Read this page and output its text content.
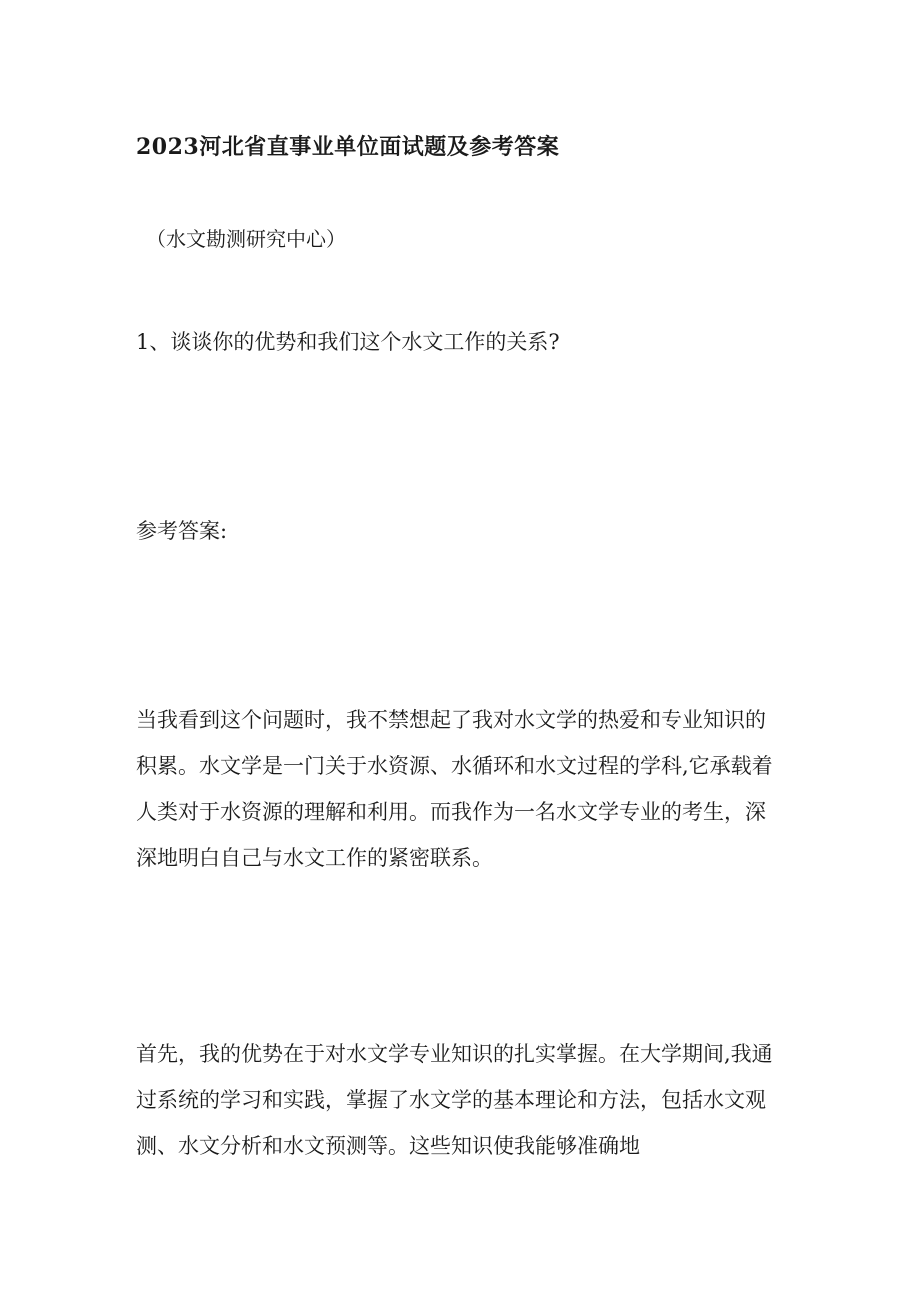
2023河北省直事业单位面试题及参考答案
（水文勘测研究中心）
1、谈谈你的优势和我们这个水文工作的关系?
参考答案:
当我看到这个问题时，我不禁想起了我对水文学的热爱和专业知识的
积累。水文学是一门关于水资源、水循环和水文过程的学科,它承载着
人类对于水资源的理解和利用。而我作为一名水文学专业的考生，深
深地明白自己与水文工作的紧密联系。
首先，我的优势在于对水文学专业知识的扎实掌握。在大学期间,我通
过系统的学习和实践，掌握了水文学的基本理论和方法，包括水文观
测、水文分析和水文预测等。这些知识使我能够准确地
